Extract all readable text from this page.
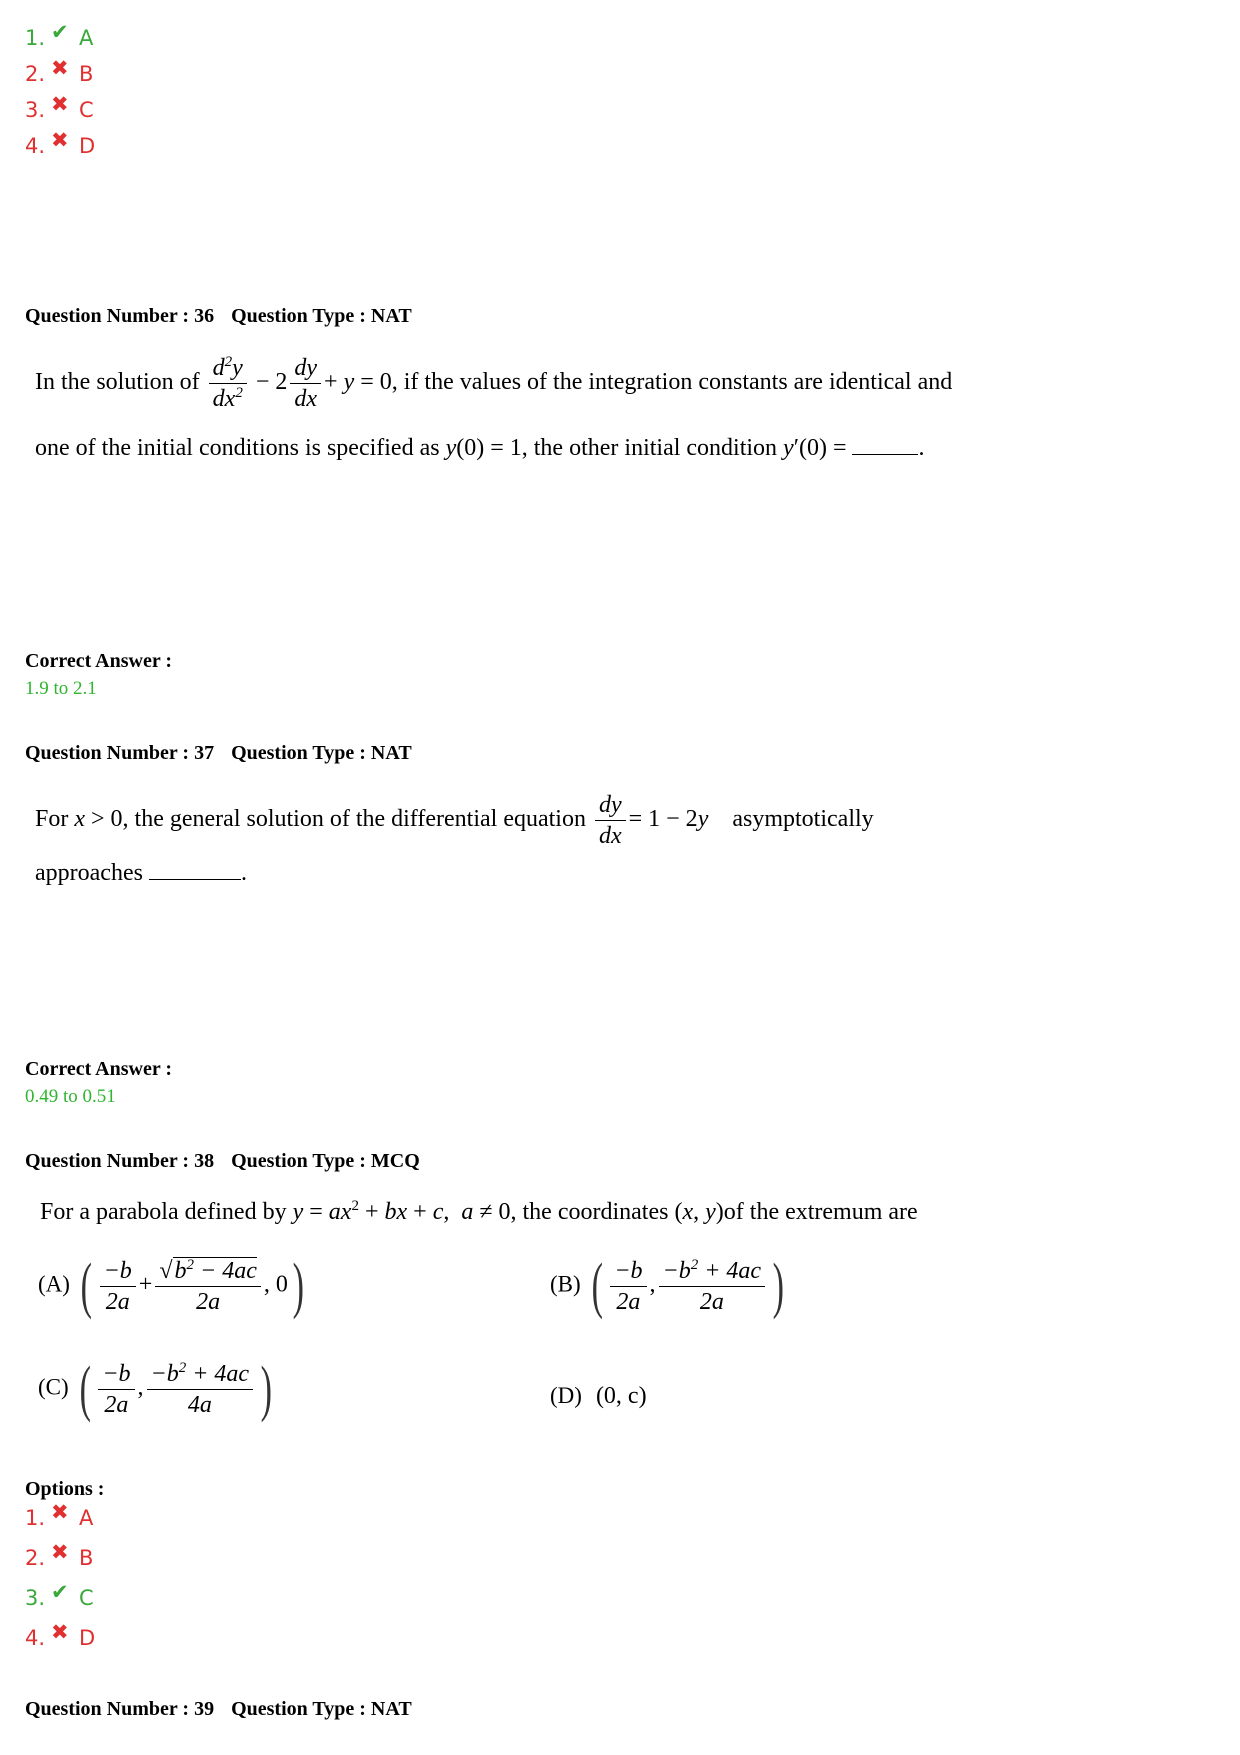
1. ✔ A
2. ✖ B
3. ✖ C
4. ✖ D
Question Number : 36 Question Type : NAT
In the solution of $\frac{d^2y}{dx^2} - 2 \frac{dy}{dx} + y = 0$, if the values of the integration constants are identical and
one of the initial conditions is specified as y(0) = 1, the other initial condition y′(0) =	.
Correct Answer :
1.9 to 2.1
Question Number : 37 Question Type : NAT
For x > 0, the general solution of the differential equation $\frac{dy}{dx} = 1 - 2y$ asymptotically
approaches	.
Correct Answer :
0.49 to 0.51
Question Number : 38 Question Type : MCQ
For a parabola defined by $y = ax^2$ + bx + c,  a ≠ 0, the coordinates (x, y)of the extremum are
(A) ( $\frac{-b}{2a} + \frac{√b^2 - 4ac}{2a}$ , 0)	(B) ( $\frac{-b}{2a}$ , $\frac{-b^2 + 4ac}{2a}$ )
(C) ( $\frac{-b}{2a}$ , $\frac{-b^2 + 4ac}{4a}$ )	(D) (0, c)
Options :
1. ✖ A
2. ✖ B
3. ✔ C
4. ✖ D
Question Number : 39 Question Type : NAT
